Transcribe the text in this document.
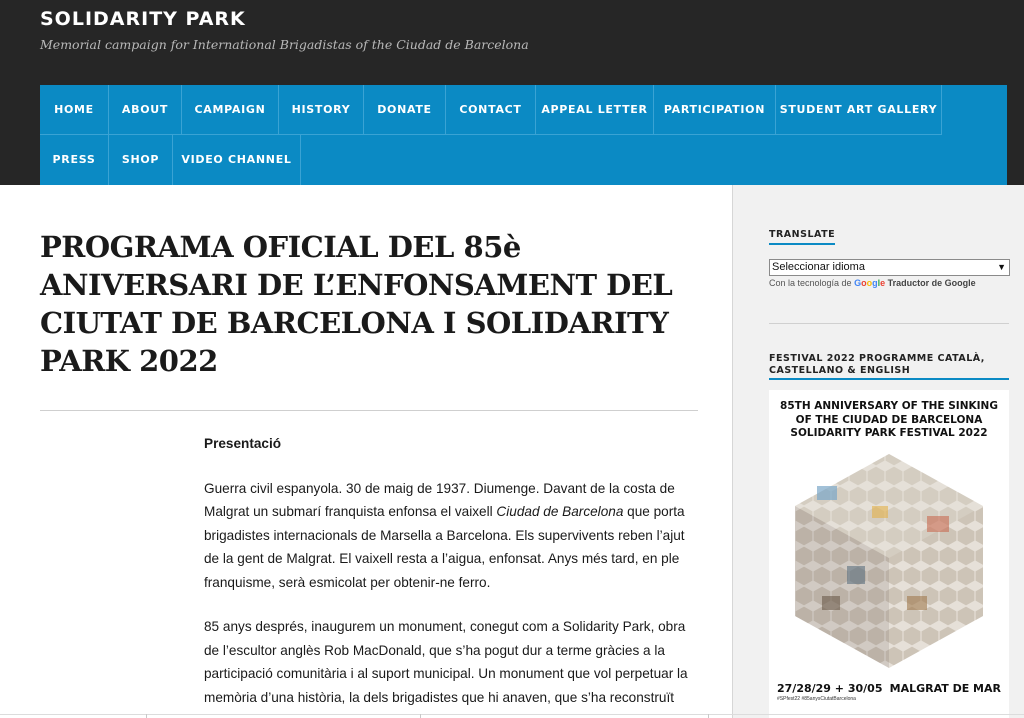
SOLIDARITY PARK
Memorial campaign for International Brigadistas of the Ciudad de Barcelona
HOME	ABOUT	CAMPAIGN	HISTORY	DONATE	CONTACT	APPEAL LETTER	PARTICIPATION	STUDENT ART GALLERY
PRESS	SHOP	VIDEO CHANNEL
PROGRAMA OFICIAL DEL 85è ANIVERSARI DE L’ENFONSAMENT DEL CIUTAT DE BARCELONA I SOLIDARITY PARK 2022

Presentació

Guerra civil espanyola. 30 de maig de 1937. Diumenge. Davant de la costa de Malgrat un submarí franquista enfonsa el vaixell Ciudad de Barcelona que porta brigadistes internacionals de Marsella a Barcelona. Els supervivents reben l’ajut de la gent de Malgrat. El vaixell resta a l’aigua, enfonsat. Anys més tard, en ple franquisme, serà esmicolat per obtenir-ne ferro.

85 anys després, inaugurem un monument, conegut com a Solidarity Park, obra de l’escultor anglès Rob MacDonald, que s’ha pogut dur a terme gràcies a la participació comunitària i al suport municipal. Un monument que vol perpetuar la memòria d’una història, la dels brigadistes que hi anaven, que s’ha reconstruït

TRANSLATE
Seleccionar idioma	▼
Con la tecnología de Google Traductor de Google
FESTIVAL 2022 PROGRAMME CATALÀ, CASTELLANO & ENGLISH
85TH ANNIVERSARY OF THE SINKING
OF THE CIUDAD DE BARCELONA
SOLIDARITY PARK FESTIVAL 2022
27/28/29 + 30/05 MALGRAT DE MAR
#SPfest22 #85anysCiutatBarcelona
